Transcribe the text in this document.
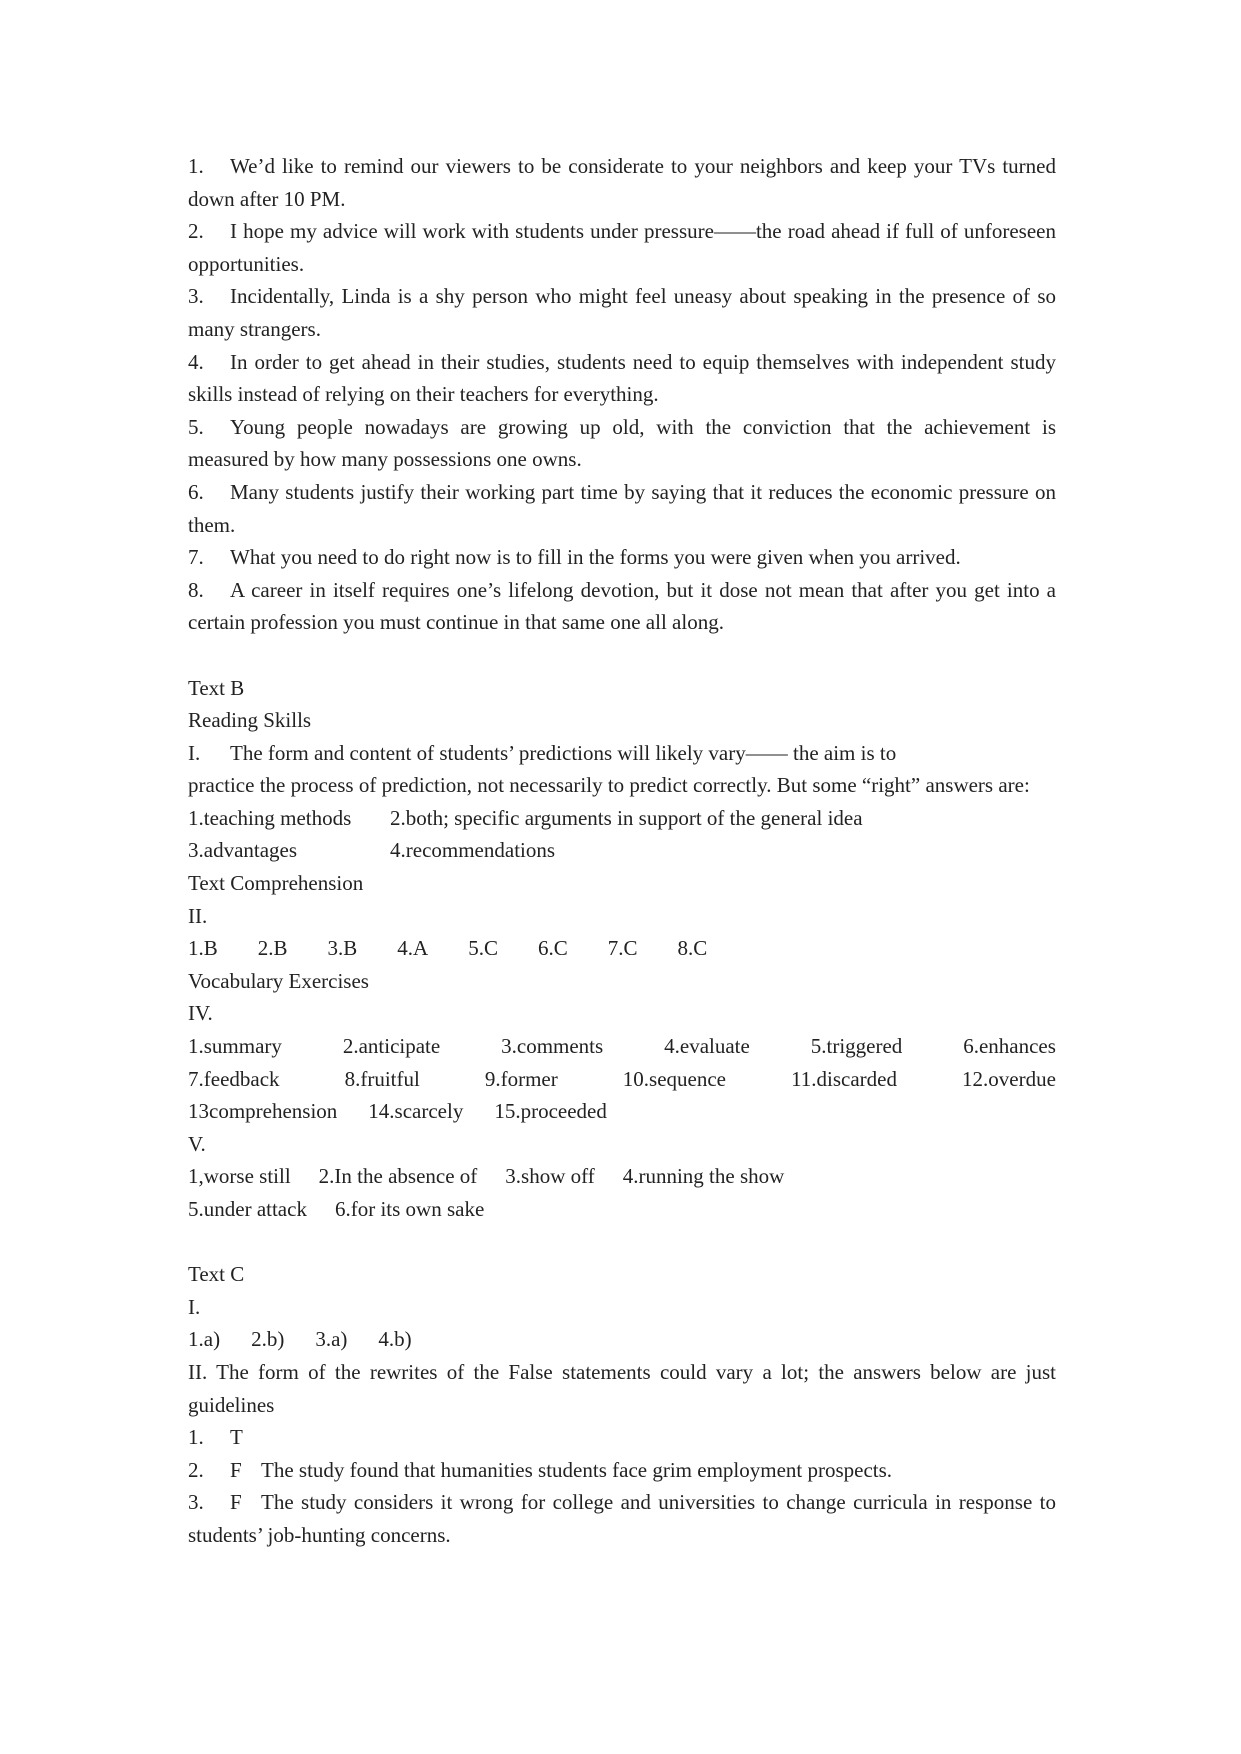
1. We’d like to remind our viewers to be considerate to your neighbors and keep your TVs turned down after 10 PM.

2. I hope my advice will work with students under pressure——the road ahead if full of unforeseen opportunities.

3. Incidentally, Linda is a shy person who might feel uneasy about speaking in the presence of so many strangers.

4. In order to get ahead in their studies, students need to equip themselves with independent study skills instead of relying on their teachers for everything.

5. Young people nowadays are growing up old, with the conviction that the achievement is measured by how many possessions one owns.

6. Many students justify their working part time by saying that it reduces the economic pressure on them.

7. What you need to do right now is to fill in the forms you were given when you arrived.

8. A career in itself requires one’s lifelong devotion, but it dose not mean that after you get into a certain profession you must continue in that same one all along.

Text B

Reading Skills

I. The form and content of students’ predictions will likely vary—— the aim is to

practice the process of prediction, not necessarily to predict correctly. But some “right” answers are:

1.teaching methods 2.both; specific arguments in support of the general idea

3.advantages	4.recommendations

Text Comprehension

II.

1.B 2.B 3.B 4.A 5.C 6.C 7.C 8.C

Vocabulary Exercises

IV.

1.summary	2.anticipate	3.comments	4.evaluate	5.triggered	6.enhances
7.feedback	8.fruitful	9.former	10.sequence	11.discarded	12.overdue

13comprehension 14.scarcely 15.proceeded

V.

1,worse still 2.In the absence of 3.show off 4.running the show

5.under attack 6.for its own sake

Text C

I.

1.a) 2.b) 3.a) 4.b)

II. The form of the rewrites of the False statements could vary a lot; the answers below are just guidelines

1. T

2. F The study found that humanities students face grim employment prospects.

3. F The study considers it wrong for college and universities to change curricula in response to students’ job-hunting concerns.
